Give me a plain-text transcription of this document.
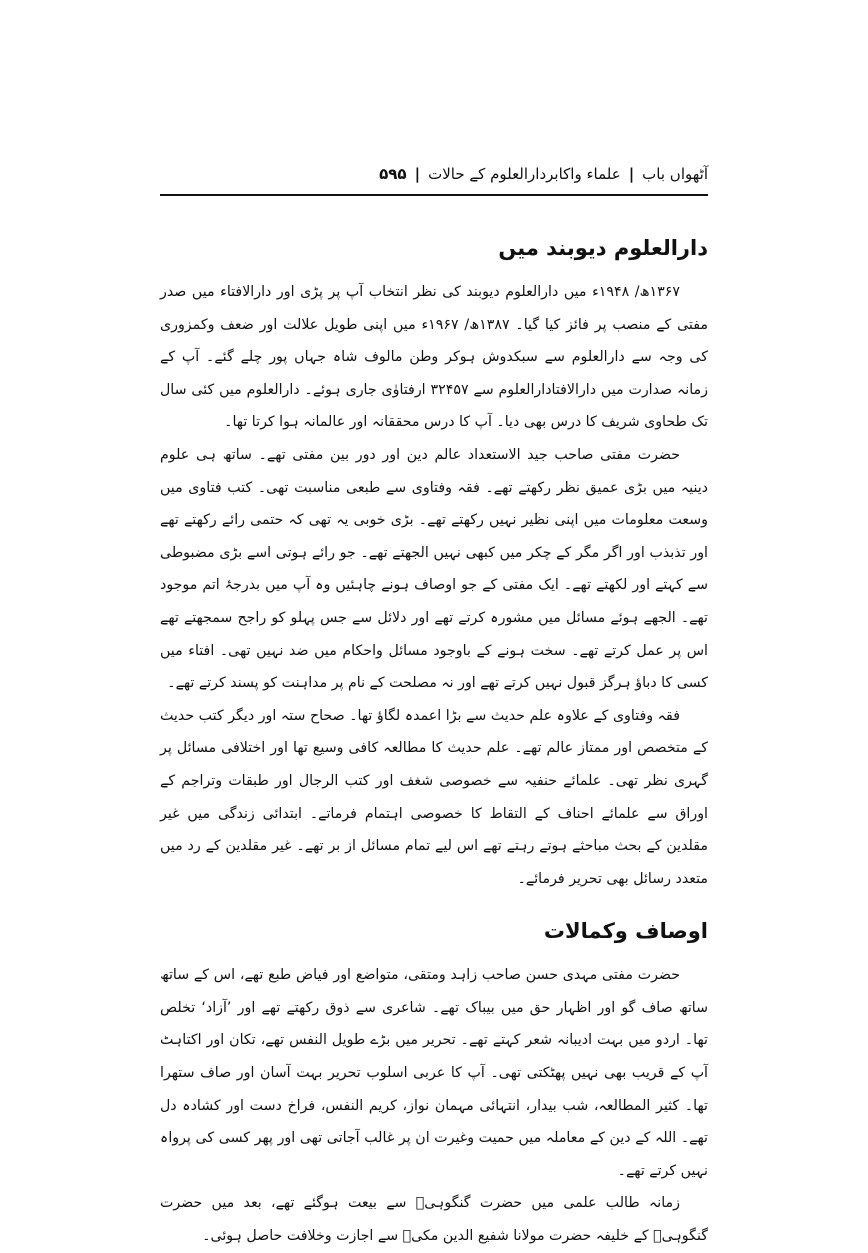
آٹھواں باب
|
علماء واکابردارالعلوم کے حالات
|
۵۹۵
دارالعلوم دیوبند میں

۱۳۶۷ھ/ ۱۹۴۸ء میں دارالعلوم دیوبند کی نظر انتخاب آپ پر پڑی اور دارالافتاء میں صدر مفتی کے منصب پر فائز کیا گیا۔ ۱۳۸۷ھ/ ۱۹۶۷ء میں اپنی طویل علالت اور ضعف وکمزوری کی وجہ سے دارالعلوم سے سبکدوش ہوکر وطن مالوف شاہ جہاں پور چلے گئے۔ آپ کے زمانہ صدارت میں دارالافتادارالعلوم سے ۳۲۴۵۷ ارفتاوٰی جاری ہوئے۔ دارالعلوم میں کئی سال تک طحاوی شریف کا درس بھی دیا۔ آپ کا درس محققانہ اور عالمانہ ہوا کرتا تھا۔

حضرت مفتی صاحب جید الاستعداد عالم دین اور دور بین مفتی تھے۔ ساتھ ہی علوم دینیہ میں بڑی عمیق نظر رکھتے تھے۔ فقہ وفتاوی سے طبعی مناسبت تھی۔ کتب فتاوی میں وسعت معلومات میں اپنی نظیر نہیں رکھتے تھے۔ بڑی خوبی یہ تھی کہ حتمی رائے رکھتے تھے اور تذبذب اور اگر مگر کے چکر میں کبھی نہیں الجھتے تھے۔ جو رائے ہوتی اسے بڑی مضبوطی سے کہتے اور لکھتے تھے۔ ایک مفتی کے جو اوصاف ہونے چاہئیں وہ آپ میں بدرجۂ اتم موجود تھے۔ الجھے ہوئے مسائل میں مشورہ کرتے تھے اور دلائل سے جس پہلو کو راجح سمجھتے تھے اس پر عمل کرتے تھے۔ سخت ہونے کے باوجود مسائل واحکام میں ضد نہیں تھی۔ افتاء میں کسی کا دباؤ ہرگز قبول نہیں کرتے تھے اور نہ مصلحت کے نام پر مداہنت کو پسند کرتے تھے۔

فقہ وفتاوی کے علاوہ علم حدیث سے بڑا اعمدہ لگاؤ تھا۔ صحاح ستہ اور دیگر کتب حدیث کے متخصص اور ممتاز عالم تھے۔ علم حدیث کا مطالعہ کافی وسیع تھا اور اختلافی مسائل پر گہری نظر تھی۔ علمائے حنفیہ سے خصوصی شغف اور کتب الرجال اور طبقات وتراجم کے اوراق سے علمائے احناف کے التقاط کا خصوصی اہتمام فرماتے۔ ابتدائی زندگی میں غیر مقلدین کے بحث مباحثے ہوتے رہتے تھے اس لیے تمام مسائل از بر تھے۔ غیر مقلدین کے رد میں متعدد رسائل بھی تحریر فرمائے۔

اوصاف وکمالات

حضرت مفتی مہدی حسن صاحب زاہد ومتقی، متواضع اور فیاض طبع تھے، اس کے ساتھ ساتھ صاف گو اور اظہار حق میں بیباک تھے۔ شاعری سے ذوق رکھتے تھے اور ’آزاد‘ تخلص تھا۔ اردو میں بہت ادیبانہ شعر کہتے تھے۔ تحریر میں بڑے طویل النفس تھے، تکان اور اکتاہٹ آپ کے قریب بھی نہیں پھٹکتی تھی۔ آپ کا عربی اسلوب تحریر بہت آسان اور صاف ستھرا تھا۔ کثیر المطالعہ، شب بیدار، انتہائی مہمان نواز، کریم النفس، فراخ دست اور کشادہ دل تھے۔ اللہ کے دین کے معاملہ میں حمیت وغیرت ان پر غالب آجاتی تھی اور پھر کسی کی پرواہ نہیں کرتے تھے۔

زمانہ طالب علمی میں حضرت گنگوہیؒ سے بیعت ہوگئے تھے، بعد میں حضرت گنگوہیؒ کے خلیفہ حضرت مولانا شفیع الدین مکیؒ سے اجازت وخلافت حاصل ہوئی۔
